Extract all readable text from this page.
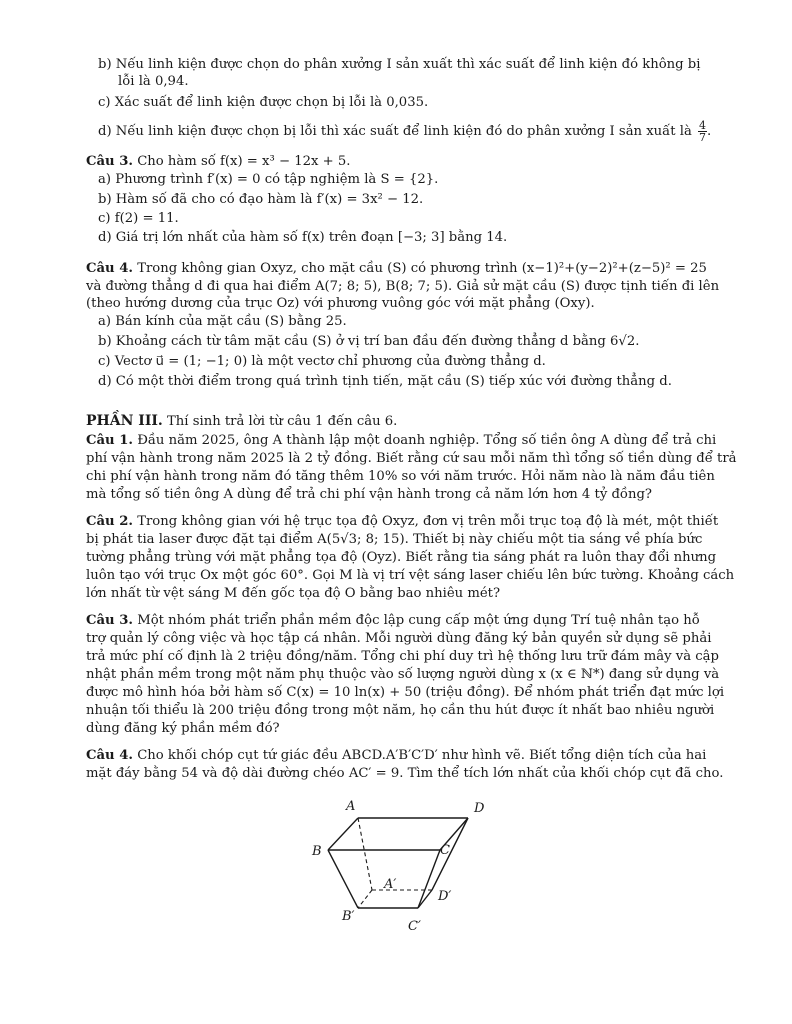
b) Nếu linh kiện được chọn do phân xưởng I sản xuất thì xác suất để linh kiện đó không bị
lỗi là 0,94.
c) Xác suất để linh kiện được chọn bị lỗi là 0,035.
d) Nếu linh kiện được chọn bị lỗi thì xác suất để linh kiện đó do phân xưởng I sản xuất là $\frac{4}{7}$ .
Câu 3. Cho hàm số f(x) = x³ − 12x + 5.
a) Phương trình f′(x) = 0 có tập nghiệm là S = {2}.
b) Hàm số đã cho có đạo hàm là f′(x) = 3x² − 12.
c) f(2) = 11.
d) Giá trị lớn nhất của hàm số f(x) trên đoạn [−3; 3] bằng 14.
Câu 4. Trong không gian Oxyz, cho mặt cầu (S) có phương trình (x−1)²+(y−2)²+(z−5)² = 25
và đường thẳng d đi qua hai điểm A(7; 8; 5), B(8; 7; 5). Giả sử mặt cầu (S) được tịnh tiến đi lên
(theo hướng dương của trục Oz) với phương vuông góc với mặt phẳng (Oxy).
a) Bán kính của mặt cầu (S) bằng 25.
b) Khoảng cách từ tâm mặt cầu (S) ở vị trí ban đầu đến đường thẳng d bằng 6√2.
c) Vectơ u⃗ = (1; −1; 0) là một vectơ chỉ phương của đường thẳng d.
d) Có một thời điểm trong quá trình tịnh tiến, mặt cầu (S) tiếp xúc với đường thẳng d.
PHẦN III. Thí sinh trả lời từ câu 1 đến câu 6.
Câu 1. Đầu năm 2025, ông A thành lập một doanh nghiệp. Tổng số tiền ông A dùng để trả chi
phí vận hành trong năm 2025 là 2 tỷ đồng. Biết rằng cứ sau mỗi năm thì tổng số tiền dùng để trả
chi phí vận hành trong năm đó tăng thêm 10% so với năm trước. Hỏi năm nào là năm đầu tiên
mà tổng số tiền ông A dùng để trả chi phí vận hành trong cả năm lớn hơn 4 tỷ đồng?
Câu 2. Trong không gian với hệ trục tọa độ Oxyz, đơn vị trên mỗi trục toạ độ là mét, một thiết
bị phát tia laser được đặt tại điểm A(5√3; 8; 15). Thiết bị này chiếu một tia sáng về phía bức
tường phẳng trùng với mặt phẳng tọa độ (Oyz). Biết rằng tia sáng phát ra luôn thay đổi nhưng
luôn tạo với trục Ox một góc 60°. Gọi M là vị trí vệt sáng laser chiếu lên bức tường. Khoảng cách
lớn nhất từ vệt sáng M đến gốc tọa độ O bằng bao nhiêu mét?
Câu 3. Một nhóm phát triển phần mềm độc lập cung cấp một ứng dụng Trí tuệ nhân tạo hỗ
trợ quản lý công việc và học tập cá nhân. Mỗi người dùng đăng ký bản quyền sử dụng sẽ phải
trả mức phí cố định là 2 triệu đồng/năm. Tổng chi phí duy trì hệ thống lưu trữ đám mây và cập
nhật phần mềm trong một năm phụ thuộc vào số lượng người dùng x (x ∈ ℕ*) đang sử dụng và
được mô hình hóa bởi hàm số C(x) = 10 ln(x) + 50 (triệu đồng). Để nhóm phát triển đạt mức lợi
nhuận tối thiểu là 200 triệu đồng trong một năm, họ cần thu hút được ít nhất bao nhiêu người
dùng đăng ký phần mềm đó?
Câu 4. Cho khối chóp cụt tứ giác đều ABCD.A′B′C′D′ như hình vẽ. Biết tổng diện tích của hai
mặt đáy bằng 54 và độ dài đường chéo AC′ = 9. Tìm thể tích lớn nhất của khối chóp cụt đã cho.
A	D
B	C
A′
D′
B′
C′
